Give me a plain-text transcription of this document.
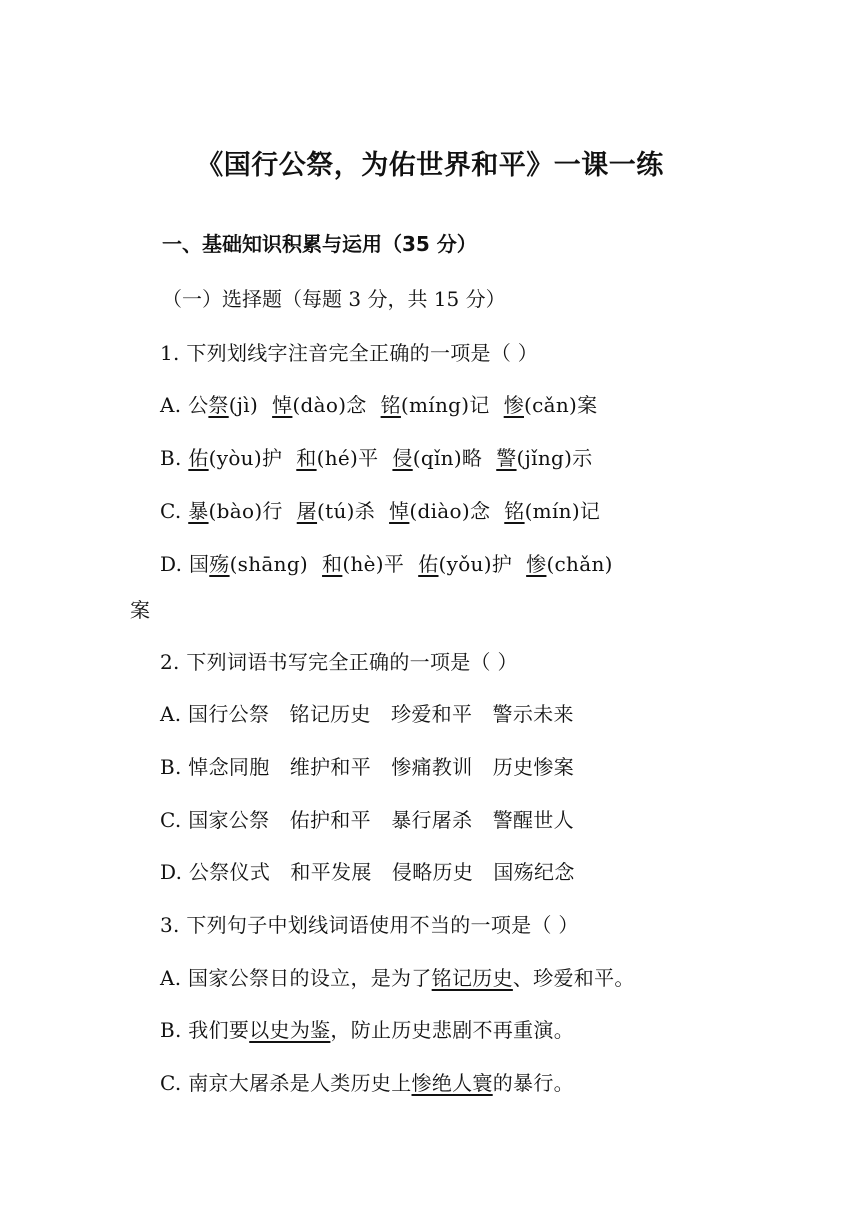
《国行公祭，为佑世界和平》一课一练
一、基础知识积累与运用（35 分）
（一）选择题（每题 3 分，共 15 分）
1. 下列划线字注音完全正确的一项是（ ）
A. 公祭(jì) 悼(dào)念 铭(míng)记 惨(cǎn)案
B. 佑(yòu)护 和(hé)平 侵(qǐn)略 警(jǐng)示
C. 暴(bào)行 屠(tú)杀 悼(diào)念 铭(mín)记
D. 国殇(shāng) 和(hè)平 佑(yǒu)护 惨(chǎn)
案
2. 下列词语书写完全正确的一项是（ ）
A. 国行公祭　铭记历史　珍爱和平　警示未来
B. 悼念同胞　维护和平　惨痛教训　历史惨案
C. 国家公祭　佑护和平　暴行屠杀　警醒世人
D. 公祭仪式　和平发展　侵略历史　国殇纪念
3. 下列句子中划线词语使用不当的一项是（ ）
A. 国家公祭日的设立，是为了铭记历史、珍爱和平。
B. 我们要以史为鉴，防止历史悲剧不再重演。
C. 南京大屠杀是人类历史上惨绝人寰的暴行。
